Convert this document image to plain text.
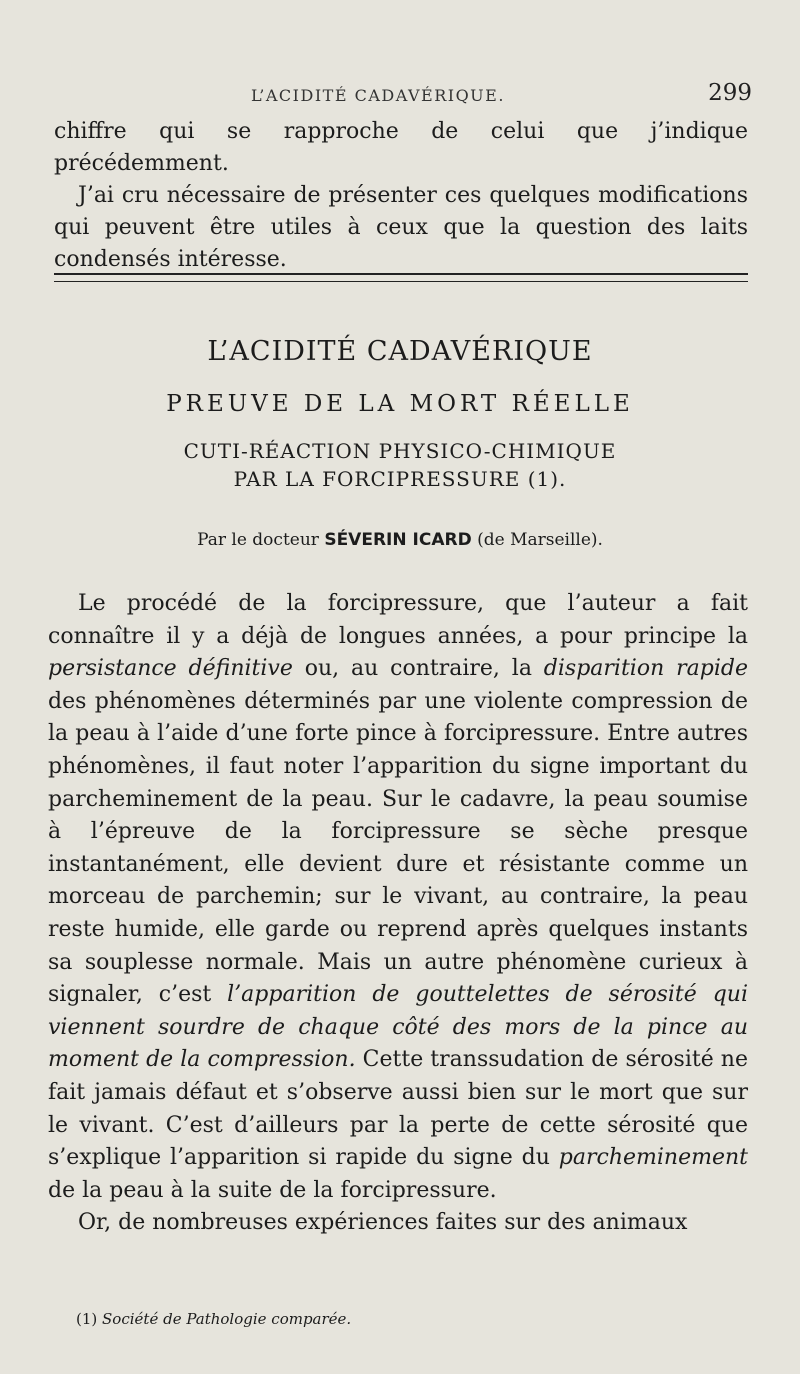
L’ACIDITÉ CADAVÉRIQUE.	299

chiffre qui se rapproche de celui que j’indique précédemment.

J’ai cru nécessaire de présenter ces quelques modifications qui peuvent être utiles à ceux que la question des laits condensés intéresse.

L’ACIDITÉ CADAVÉRIQUE
PREUVE DE LA MORT RÉELLE
CUTI-RÉACTION PHYSICO-CHIMIQUE
PAR LA FORCIPRESSURE (1).
Par le docteur SÉVERIN ICARD (de Marseille).

Le procédé de la forcipressure, que l’auteur a fait connaître il y a déjà de longues années, a pour principe la persistance définitive ou, au contraire, la disparition rapide des phénomènes déterminés par une violente compression de la peau à l’aide d’une forte pince à forcipressure. Entre autres phénomènes, il faut noter l’apparition du signe important du parcheminement de la peau. Sur le cadavre, la peau soumise à l’épreuve de la forcipressure se sèche presque instantanément, elle devient dure et résistante comme un morceau de parchemin; sur le vivant, au contraire, la peau reste humide, elle garde ou reprend après quelques instants sa souplesse normale. Mais un autre phénomène curieux à signaler, c’est l’apparition de gouttelettes de sérosité qui viennent sourdre de chaque côté des mors de la pince au moment de la compression. Cette transsudation de sérosité ne fait jamais défaut et s’observe aussi bien sur le mort que sur le vivant. C’est d’ailleurs par la perte de cette sérosité que s’explique l’apparition si rapide du signe du parcheminement de la peau à la suite de la forcipressure.

Or, de nombreuses expériences faites sur des animaux

(1) Société de Pathologie comparée.
